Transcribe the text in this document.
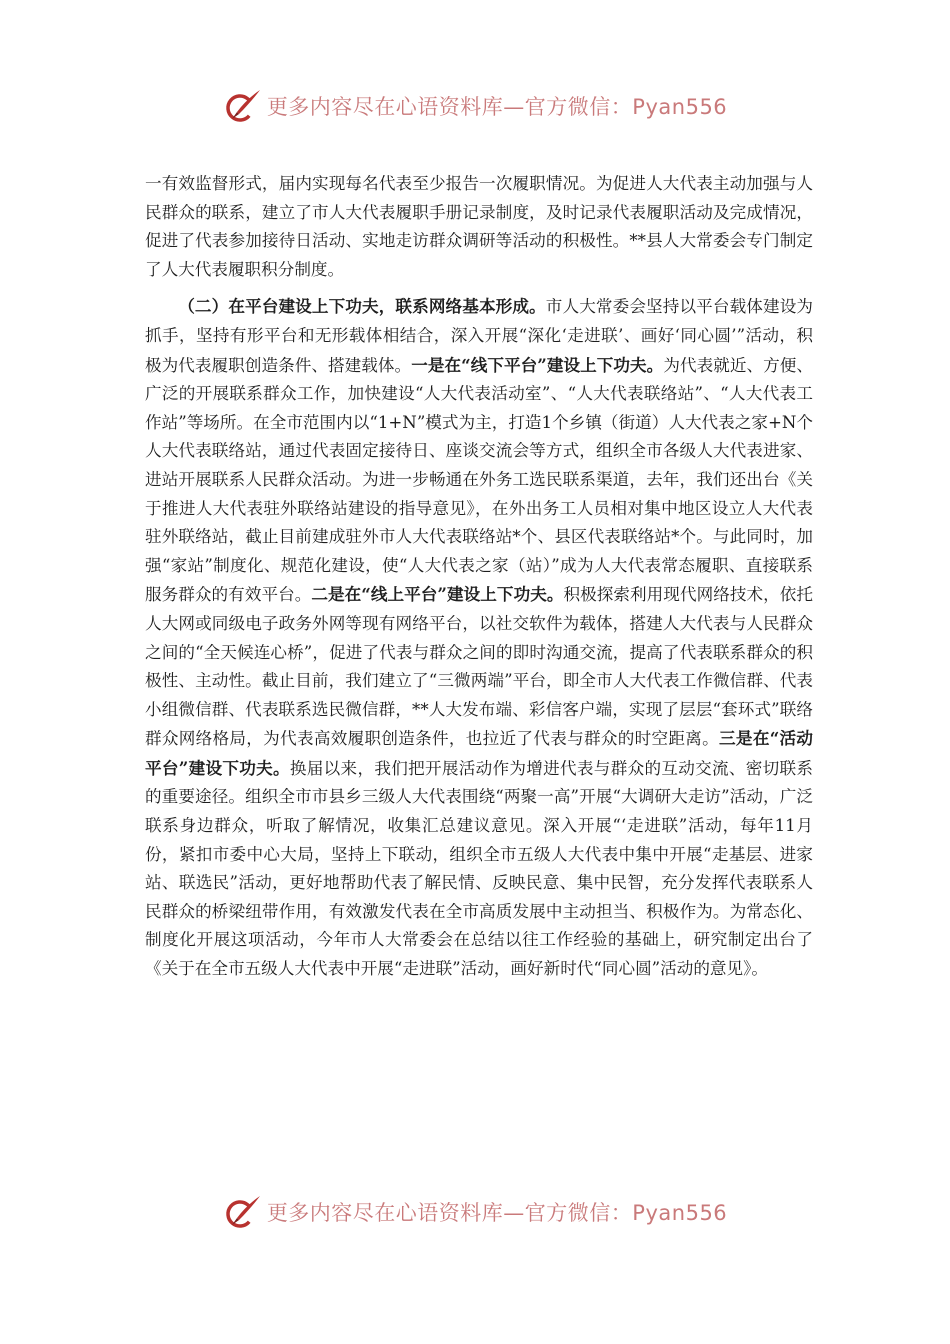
更多内容尽在心语资料库—官方微信：Pyan556

一有效监督形式，届内实现每名代表至少报告一次履职情况。为促进人大代表主动加强与人民群众的联系，建立了市人大代表履职手册记录制度，及时记录代表履职活动及完成情况，促进了代表参加接待日活动、实地走访群众调研等活动的积极性。**县人大常委会专门制定了人大代表履职积分制度。

（二）在平台建设上下功夫，联系网络基本形成。市人大常委会坚持以平台载体建设为抓手，坚持有形平台和无形载体相结合，深入开展“深化‘走进联’、画好‘同心圆’”活动，积极为代表履职创造条件、搭建载体。一是在“线下平台”建设上下功夫。为代表就近、方便、广泛的开展联系群众工作，加快建设“人大代表活动室”、“人大代表联络站”、“人大代表工作站”等场所。在全市范围内以“1+N”模式为主，打造1个乡镇（街道）人大代表之家+N个人大代表联络站，通过代表固定接待日、座谈交流会等方式，组织全市各级人大代表进家、进站开展联系人民群众活动。为进一步畅通在外务工选民联系渠道，去年，我们还出台《关于推进人大代表驻外联络站建设的指导意见》，在外出务工人员相对集中地区设立人大代表驻外联络站，截止目前建成驻外市人大代表联络站*个、县区代表联络站*个。与此同时，加强“家站”制度化、规范化建设，使“人大代表之家（站）”成为人大代表常态履职、直接联系服务群众的有效平台。二是在“线上平台”建设上下功夫。积极探索利用现代网络技术，依托人大网或同级电子政务外网等现有网络平台，以社交软件为载体，搭建人大代表与人民群众之间的“全天候连心桥”，促进了代表与群众之间的即时沟通交流，提高了代表联系群众的积极性、主动性。截止目前，我们建立了“三微两端”平台，即全市人大代表工作微信群、代表小组微信群、代表联系选民微信群，**人大发布端、彩信客户端，实现了层层“套环式”联络群众网络格局，为代表高效履职创造条件，也拉近了代表与群众的时空距离。三是在“活动平台”建设下功夫。换届以来，我们把开展活动作为增进代表与群众的互动交流、密切联系的重要途径。组织全市市县乡三级人大代表围绕“两聚一高”开展“大调研大走访”活动，广泛联系身边群众，听取了解情况，收集汇总建议意见。深入开展“‘走进联”活动，每年11月份，紧扣市委中心大局，坚持上下联动，组织全市五级人大代表中集中开展“走基层、进家站、联选民”活动，更好地帮助代表了解民情、反映民意、集中民智，充分发挥代表联系人民群众的桥梁纽带作用，有效激发代表在全市高质发展中主动担当、积极作为。为常态化、制度化开展这项活动，今年市人大常委会在总结以往工作经验的基础上，研究制定出台了《关于在全市五级人大代表中开展“走进联”活动，画好新时代“同心圆”活动的意见》。

更多内容尽在心语资料库—官方微信：Pyan556
